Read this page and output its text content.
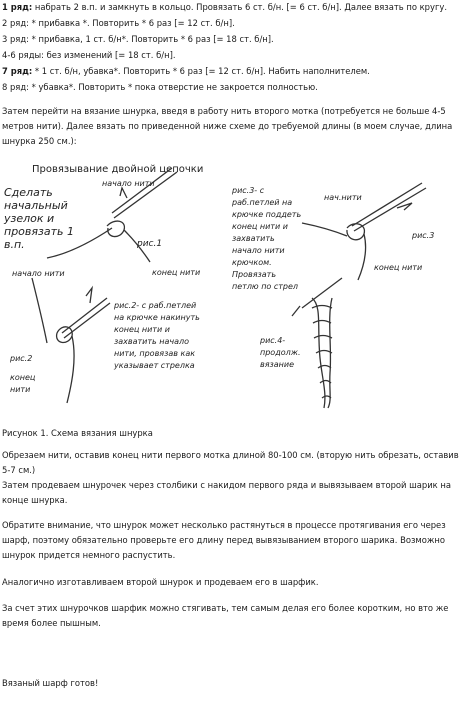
1 ряд: набрать 2 в.п. и замкнуть в кольцо. Провязать 6 ст. б/н. [= 6 ст. б/н]. Далее вязать по кругу.
2 ряд: * прибавка *. Повторить * 6 раз [= 12 ст. б/н].
3 ряд: * прибавка, 1 ст. б/н*. Повторить * 6 раз [= 18 ст. б/н].
4-6 ряды: без изменений [= 18 ст. б/н].
7 ряд: * 1 ст. б/н, убавка*. Повторить * 6 раз [= 12 ст. б/н]. Набить наполнителем.
8 ряд: * убавка*. Повторить * пока отверстие не закроется полностью.
Затем перейти на вязание шнурка, введя в работу нить второго мотка (потребуется не больше 4-5 метров нити). Далее вязать по приведенной ниже схеме до требуемой длины (в моем случае, длина шнурка 250 см.):
Провязывание двойной цепочки
Сделать
начальный
узелок и
провязать 1
в.п.
начало нити
начало нити
рис.1
конец нити
рис.2- с раб.петлей
на крючке накинуть
конец нити и
захватить начало
нити, провязав как
указывает стрелка
рис.2
конец
нити
рис.3- с
раб.петлей на
крючке поддеть
конец нити и
захватить
начало нити
крючком.
Провязать
петлю по стрел
нач.нити
рис.3
конец нити
рис.4-
продолж.
вязание
Рисунок 1. Схема вязания шнурка
Обрезаем нити, оставив конец нити первого мотка длиной 80-100 см. (вторую нить обрезать, оставив 5-7 см.)
Затем продеваем шнурочек через столбики с накидом первого ряда и вывязываем второй шарик на конце шнурка.
Обратите внимание, что шнурок может несколько растянуться в процессе протягивания его через шарф, поэтому обязательно проверьте его длину перед вывязыванием второго шарика. Возможно шнурок придется немного распустить.
Аналогично изготавливаем второй шнурок и продеваем его в шарфик.
За счет этих шнурочков шарфик можно стягивать, тем самым делая его более коротким, но вто же время более пышным.
Вязаный шарф готов!
